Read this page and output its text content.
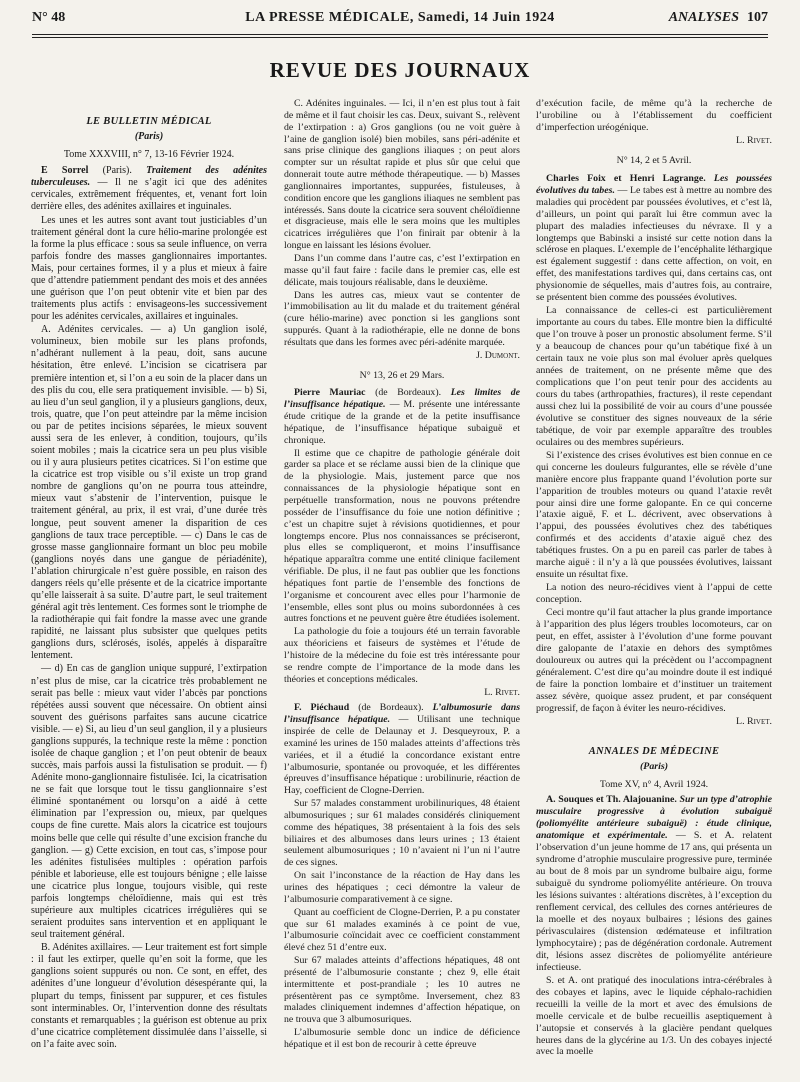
N° 48	LA PRESSE MÉDICALE, Samedi, 14 Juin 1924	ANALYSES 107
REVUE DES JOURNAUX
LE BULLETIN MÉDICAL
(Paris)
Tome XXXVIII, n° 7, 13-16 Février 1924.

E Sorrel (Paris). Traitement des adénites tuberculeuses. — Il ne s’agit ici que des adénites cervicales, extrêmement fréquentes, et, venant fort loin derrière elles, des adénites axillaires et inguinales.

Les unes et les autres sont avant tout justiciables d’un traitement général dont la cure hélio-marine prolongée est la forme la plus efficace : sous sa seule influence, on verra parfois fondre des masses ganglionnaires importantes. Mais, pour certaines formes, il y a plus et mieux à faire que d’attendre patiemment pendant des mois et des années une guérison que l’on peut obtenir vite et bien par des traitements plus actifs : envisageons-les successivement pour les adénites cervicales, axillaires et inguinales.

A. Adénites cervicales. — a) Un ganglion isolé, volumineux, bien mobile sur les plans profonds, n’adhérant nullement à la peau, doit, sans aucune hésitation, être enlevé. L’incision se cicatrisera par première intention et, si l’on a eu soin de la placer dans un des plis du cou, elle sera pratiquement invisible. — b) Si, au lieu d’un seul ganglion, il y a plusieurs ganglions, deux, trois, quatre, que l’on peut atteindre par la même incision ou par de petites incisions séparées, le mieux souvent aussi sera de les enlever, à condition, toujours, qu’ils soient mobiles ; mais la cicatrice sera un peu plus visible ou il y aura plusieurs petites cicatrices. Si l’on estime que la cicatrice est trop visible ou s’il existe un trop grand nombre de ganglions qu’on ne pourra tous atteindre, mieux vaut s’abstenir de l’intervention, puisque le traitement général, au prix, il est vrai, d’une durée très longue, peut souvent amener la disparition de ces ganglions de taux trace perceptible. — c) Dans le cas de grosse masse ganglionnaire formant un bloc peu mobile (ganglions noyés dans une gangue de périadénite), l’ablation chirurgicale n’est guère possible, en raison des dangers réels qu’elle présente et de la cicatrice importante qu’elle laisserait à sa suite. D’autre part, le seul traitement général agit très lentement. Ces formes sont le triomphe de la radiothérapie qui fait fondre la masse avec une grande rapidité, ne laissant plus subsister que quelques petits ganglions durs, sclérosés, isolés, appelés à disparaître lentement.

— d) En cas de ganglion unique suppuré, l’extirpation n’est plus de mise, car la cicatrice très probablement ne serait pas belle : mieux vaut vider l’abcès par ponctions répétées aussi souvent que nécessaire. On obtient ainsi souvent des guérisons parfaites sans aucune cicatrice visible. — e) Si, au lieu d’un seul ganglion, il y a plusieurs ganglions suppurés, la technique reste la même : ponction isolée de chaque ganglion ; et l’on peut obtenir de beaux succès, mais parfois aussi la fistulisation se produit. — f) Adénite mono-ganglionnaire fistulisée. Ici, la cicatrisation ne se fait que lorsque tout le tissu ganglionnaire s’est éliminé spontanément ou lorsqu’on a aidé à cette élimination par l’expression ou, mieux, par quelques coups de fine curette. Mais alors la cicatrice est toujours moins belle que celle qui résulte d’une excision franche du ganglion. — g) Cette excision, en tout cas, s’impose pour les adénites fistulisées multiples : opération parfois pénible et laborieuse, elle est toujours bénigne ; elle laisse une cicatrice plus longue, toujours visible, qui reste parfois longtemps chéloïdienne, mais qui est très supérieure aux multiples cicatrices irrégulières qui se seraient produites sans intervention et en appliquant le seul traitement général.

B. Adénites axillaires. — Leur traitement est fort simple : il faut les extirper, quelle qu’en soit la forme, que les ganglions soient suppurés ou non. Ce sont, en effet, des adénites d’une longueur d’évolution désespérante qui, la plupart du temps, finissent par suppurer, et ces fistules sont interminables. Or, l’intervention donne des résultats constants et remarquables ; la guérison est obtenue au prix d’une cicatrice complètement dissimulée dans l’aisselle, si on l’a faite avec soin.

C. Adénites inguinales. — Ici, il n’en est plus tout à fait de même et il faut choisir les cas. Deux, suivant S., relèvent de l’extirpation : a) Gros ganglions (ou ne voit guère à l’aine de ganglion isolé) bien mobiles, sans péri-adénite et sans prise clinique des ganglions iliaques ; on peut alors compter sur un résultat rapide et plus sûr que celui que donnerait toute autre méthode thérapeutique. — b) Masses ganglionnaires importantes, suppurées, fistuleuses, à condition encore que les ganglions iliaques ne semblent pas intéressés. Sans doute la cicatrice sera souvent chéloïdienne et disgracieuse, mais elle le sera moins que les multiples cicatrices irrégulières que l’on finirait par obtenir à la longue en laissant les lésions évoluer.

Dans l’un comme dans l’autre cas, c’est l’extirpation en masse qu’il faut faire : facile dans le premier cas, elle est délicate, mais toujours réalisable, dans le deuxième.

Dans les autres cas, mieux vaut se contenter de l’immobilisation au lit du malade et du traitement général (cure hélio-marine) avec ponction si les ganglions sont suppurés. Quant à la radiothérapie, elle ne donne de bons résultats que dans les formes avec péri-adénite marquée.

J. Dumont.
N° 13, 26 et 29 Mars.

Pierre Mauriac (de Bordeaux). Les limites de l’insuffisance hépatique. — M. présente une intéressante étude critique de la grande et de la petite insuffisance hépatique, de l’insuffisance hépatique subaiguë et chronique.

Il estime que ce chapitre de pathologie générale doit garder sa place et se réclame aussi bien de la clinique que de la physiologie. Mais, justement parce que nos connaissances de la physiologie hépatique sont en perpétuelle transformation, nous ne pouvons prétendre posséder de l’insuffisance du foie une notion définitive ; c’est un chapitre sujet à révisions quotidiennes, et pour longtemps encore. Plus nos connaissances se préciseront, plus elles se compliqueront, et moins l’insuffisance hépatique apparaîtra comme une entité clinique facilement vérifiable. De plus, il ne faut pas oublier que les fonctions hépatiques font partie de l’ensemble des fonctions de l’organisme et concourent avec elles pour l’harmonie de l’ensemble, elles sont plus ou moins subordonnées à ces autres fonctions et ne peuvent guère être étudiées isolement.

La pathologie du foie a toujours été un terrain favorable aux théoriciens et faiseurs de systèmes et l’étude de l’histoire de la médecine du foie est très intéressante pour se rendre compte de l’importance de la mode dans les théories et conceptions médicales.

L. Rivet.

F. Piéchaud (de Bordeaux). L’albumosurie dans l’insuffisance hépatique. — Utilisant une technique inspirée de celle de Delaunay et J. Desqueyroux, P. a examiné les urines de 150 malades atteints d’affections très variées, et il a étudié la concordance existant entre l’albumosurie, spontanée ou provoquée, et les différentes épreuves d’insuffisance hépatique : urobilinurie, réaction de Hay, coefficient de Clogne-Derrien.

Sur 57 malades constamment urobilinuriques, 48 étaient albumosuriques ; sur 61 malades considérés cliniquement comme des hépatiques, 38 présentaient à la fois des sels biliaires et des albumoses dans leurs urines ; 13 étaient seulement albumosuriques ; 10 n’avaient ni l’un ni l’autre de ces signes.

On sait l’inconstance de la réaction de Hay dans les urines des hépatiques ; ceci démontre la valeur de l’albumosurie comparativement à ce signe.

Quant au coefficient de Clogne-Derrien, P. a pu constater que sur 61 malades examinés à ce point de vue, l’albumosurie coïncidait avec ce coefficient constamment élevé chez 51 d’entre eux.

Sur 67 malades atteints d’affections hépatiques, 48 ont présenté de l’albumosurie constante ; chez 9, elle était intermittente et post-prandiale ; les 10 autres ne présentèrent pas ce symptôme. Inversement, chez 83 malades cliniquement indemnes d’affection hépatique, on ne trouva que 3 albumosuriques.

L’albumosurie semble donc un indice de déficience hépatique et il est bon de recourir à cette épreuve

d’exécution facile, de même qu’à la recherche de l’urobiline ou à l’établissement du coefficient d’imperfection uréogénique.

L. Rivet.
N° 14, 2 et 5 Avril.

Charles Foix et Henri Lagrange. Les poussées évolutives du tabes. — Le tabes est à mettre au nombre des maladies qui procèdent par poussées évolutives, et c’est là, d’ailleurs, un point qui paraît lui être commun avec la plupart des maladies infectieuses du névraxe. Il y a longtemps que Babinski a insisté sur cette notion dans la sclérose en plaques. L’exemple de l’encéphalite léthargique est également suggestif : dans cette affection, on voit, en effet, des manifestations tardives qui, dans certains cas, ont physionomie de séquelles, mais d’autres fois, au contraire, se présentent bien comme des poussées évolutives.

La connaissance de celles-ci est particulièrement importante au cours du tabes. Elle montre bien la difficulté que l’on trouve à poser un pronostic absolument ferme. S’il y a beaucoup de chances pour qu’un tabétique fixé à un certain taux ne voie plus son mal évoluer après quelques années de traitement, on ne présente même que des complications que l’on peut tenir pour des accidents au cours du tabes (arthropathies, fractures), il reste cependant aussi chez lui la possibilité de voir au cours d’une poussée évolutive se constituer des signes nouveaux de la série tabétique, de voir par exemple apparaître des troubles oculaires ou des membres supérieurs.

Si l’existence des crises évolutives est bien connue en ce qui concerne les douleurs fulgurantes, elle se révèle d’une manière encore plus frappante quand l’évolution porte sur l’apparition de troubles moteurs ou quand l’ataxie revêt pour ainsi dire une forme galopante. En ce qui concerne l’ataxie aiguë, F. et L. décrivent, avec observations à l’appui, des poussées évolutives chez des tabétiques confirmés et des accidents d’ataxie aiguë chez des tabétiques frustes. On a pu en pareil cas parler de tabes à marche aiguë : il n’y a là que poussées évolutives, laissant ensuite un résultat fixe.

La notion des neuro-récidives vient à l’appui de cette conception.

Ceci montre qu’il faut attacher la plus grande importance à l’apparition des plus légers troubles locomoteurs, car on peut, en effet, assister à l’évolution d’une forme pouvant dire galopante de l’ataxie en dehors des symptômes douloureux ou autres qui la précèdent ou l’accompagnent généralement. C’est dire qu’au moindre doute il est indiqué de faire la ponction lombaire et d’instituer un traitement assez sévère, quoique assez prudent, et par conséquent progressif, de façon à éviter les neuro-récidives.

L. Rivet.
ANNALES DE MÉDECINE
(Paris)
Tome XV, n° 4, Avril 1924.

A. Souques et Th. Alajouanine. Sur un type d’atrophie musculaire progressive à évolution subaiguë (poliomyélite antérieure subaiguë) : étude clinique, anatomique et expérimentale. — S. et A. relatent l’observation d’un jeune homme de 17 ans, qui présenta un syndrome d’atrophie musculaire progressive pure, terminée au bout de 8 mois par un syndrome bulbaire aigu, forme subaiguë du syndrome poliomyélite antérieure. On trouva les lésions suivantes : altérations discrètes, à l’exception du renflement cervical, des cellules des cornes antérieures de la moelle et des noyaux bulbaires ; lésions des gaines périvasculaires (distension œdémateuse et infiltration lymphocytaire) ; pas de dégénération cordonale. Autrement dit, lésions assez discrètes de poliomyélite antérieure infectieuse.

S. et A. ont pratiqué des inoculations intra-cérébrales à des cobayes et lapins, avec le liquide céphalo-rachidien recueilli la veille de la mort et avec des émulsions de moelle cervicale et de bulbe recueillis aseptiquement à l’autopsie et conservés à la glacière pendant quelques heures dans de la glycérine au 1/3. Un des cobayes injecté avec la moelle
